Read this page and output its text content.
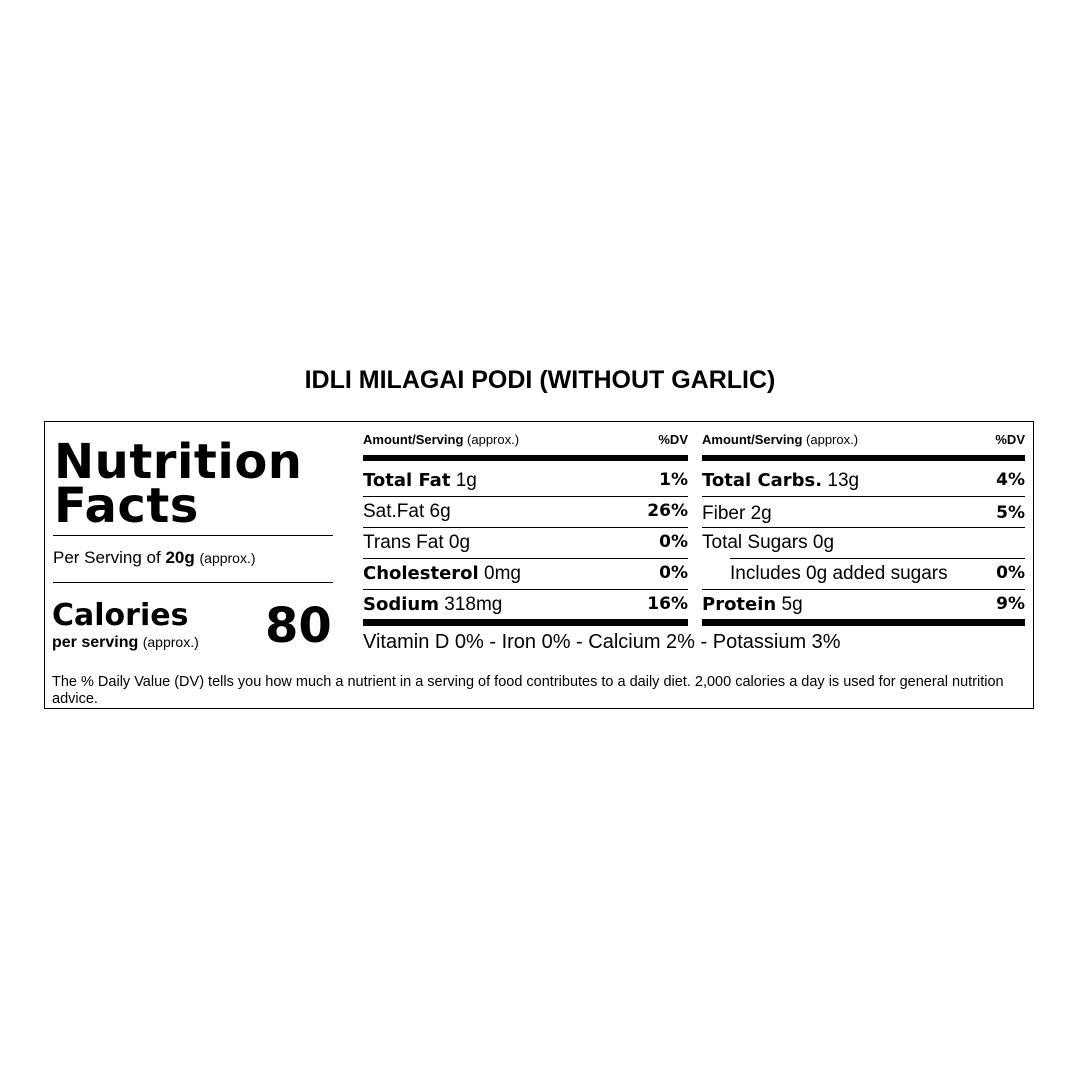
IDLI MILAGAI PODI (WITHOUT GARLIC)
Nutrition
Facts
Per Serving of 20g (approx.)
Calories
per serving (approx.) 80
Amount/Serving (approx.)	%DV
Total Fat 1g	1%
Sat.Fat 6g	26%
Trans Fat 0g	0%
Cholesterol 0mg	0%
Sodium 318mg	16%
Amount/Serving (approx.)	%DV
Total Carbs. 13g	4%
Fiber 2g	5%
Total Sugars 0g
Includes 0g added sugars	0%
Protein 5g	9%
Vitamin D 0% - Iron 0% - Calcium 2% - Potassium 3%
The % Daily Value (DV) tells you how much a nutrient in a serving of food contributes to a daily diet. 2,000 calories a day is used for general nutrition advice.
